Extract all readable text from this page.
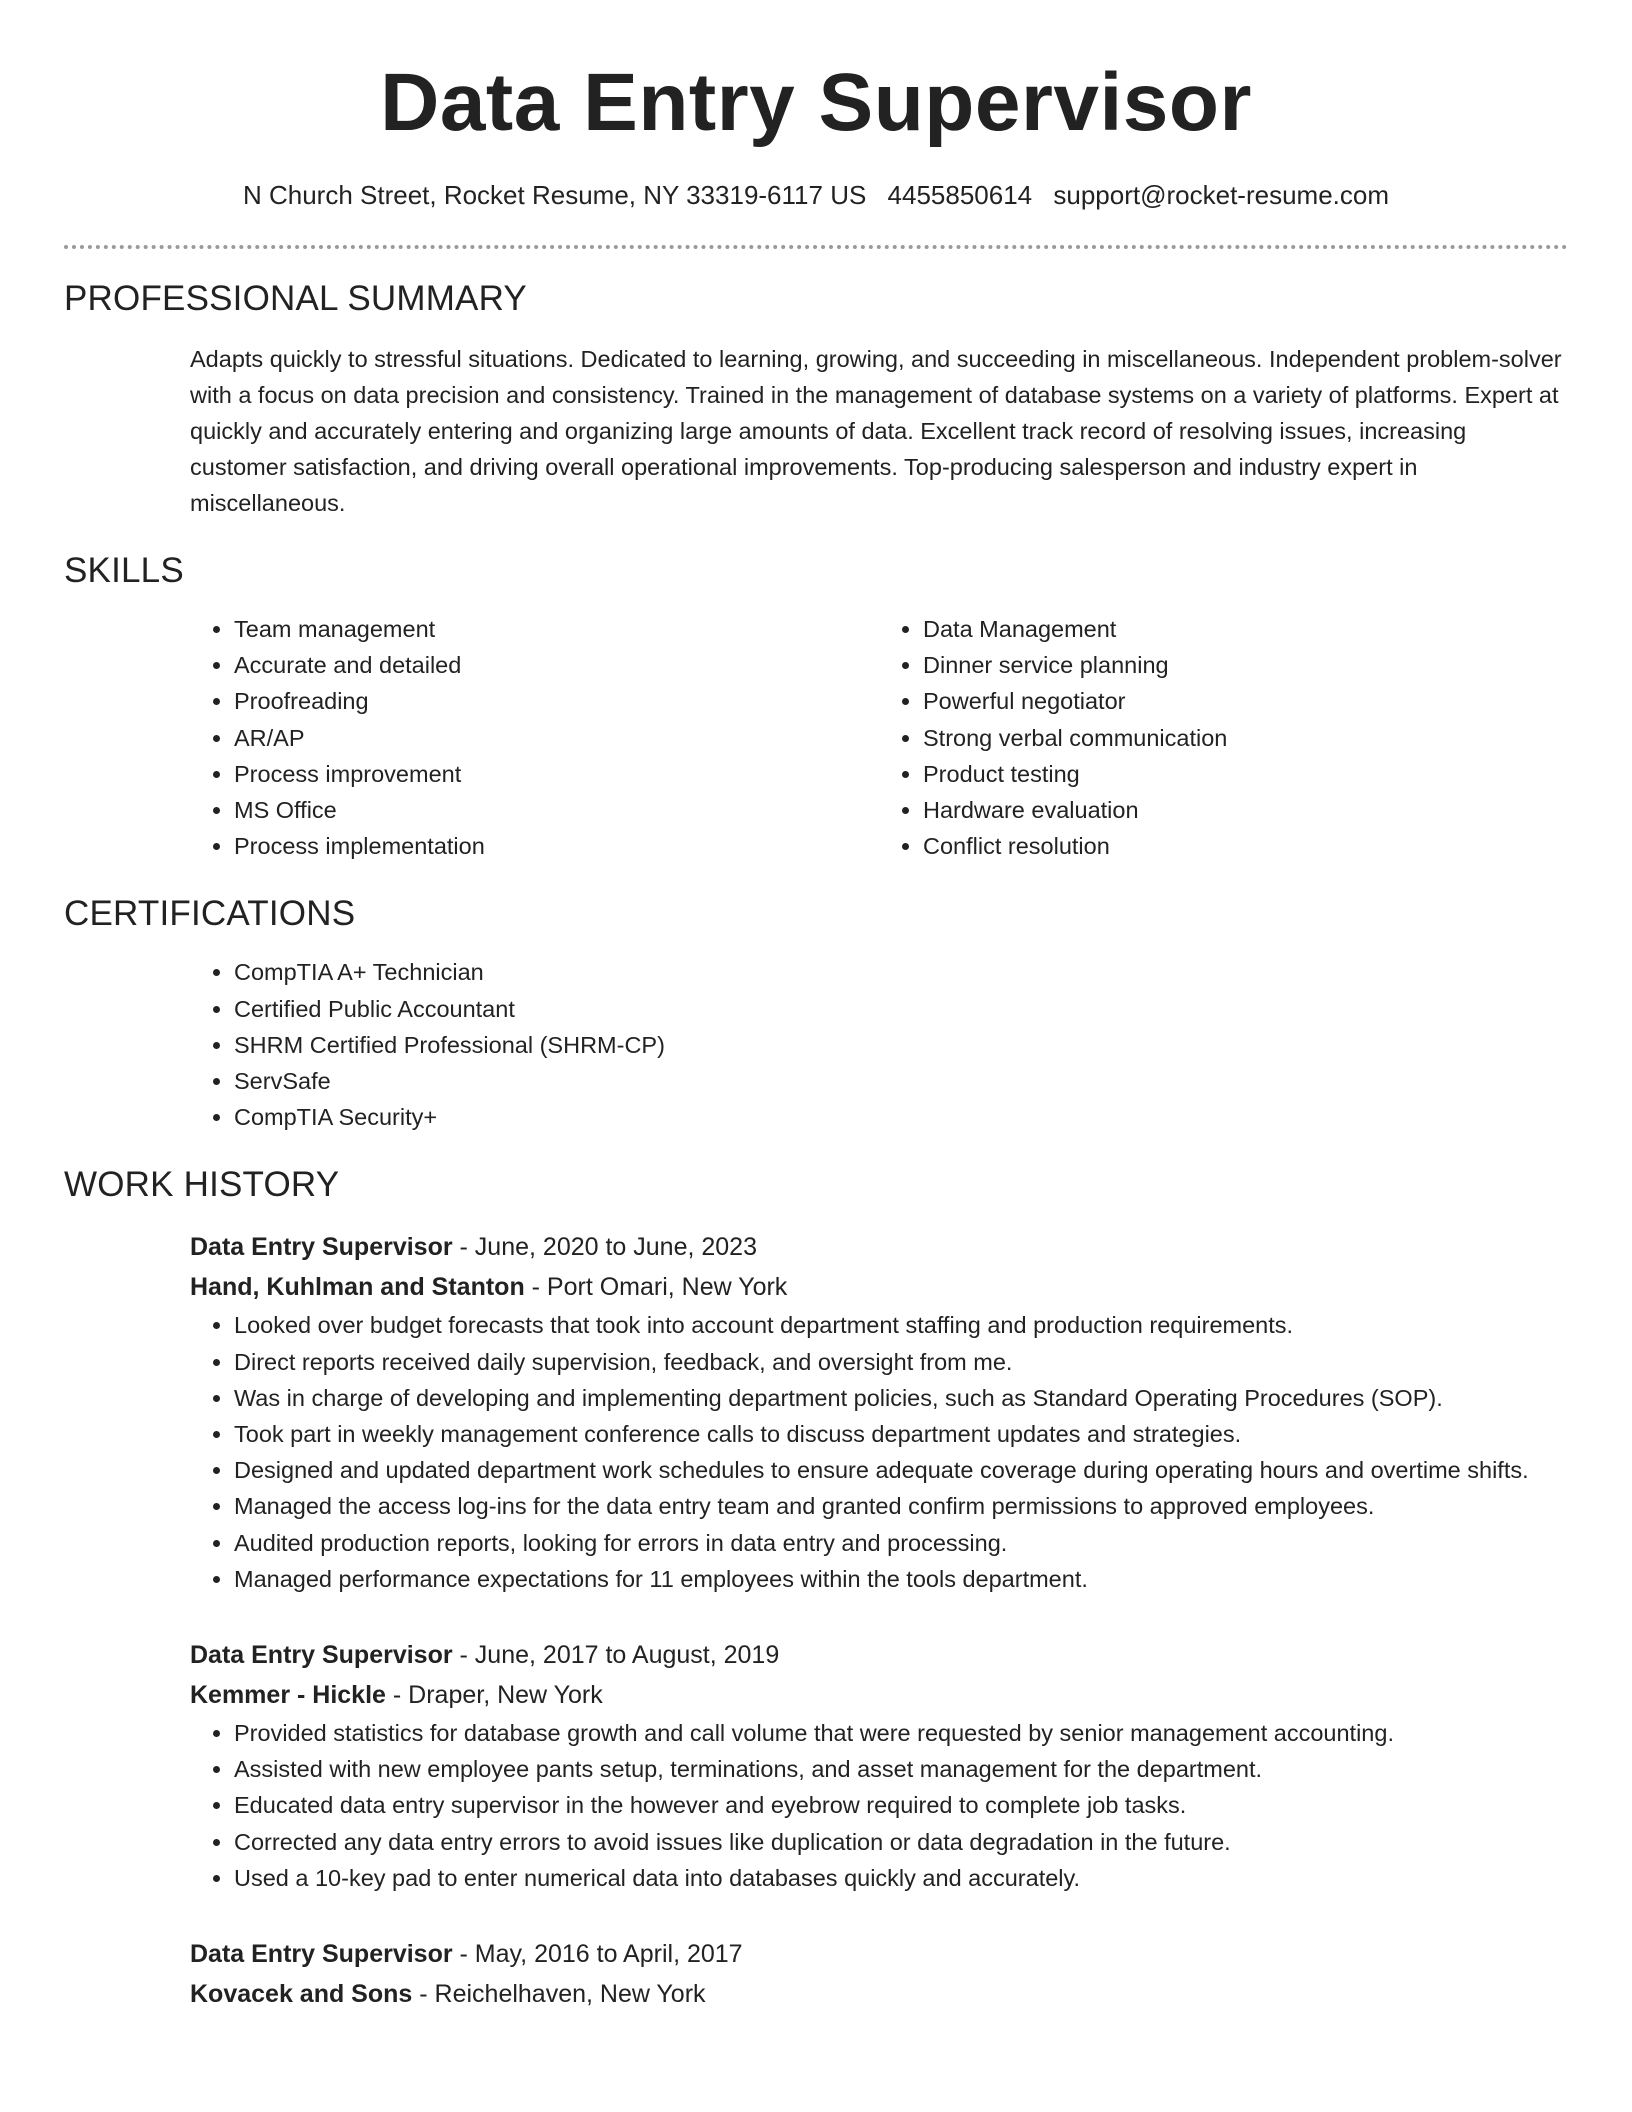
Data Entry Supervisor
N Church Street, Rocket Resume, NY 33319-6117 US 4455850614 support@rocket-resume.com
PROFESSIONAL SUMMARY
Adapts quickly to stressful situations. Dedicated to learning, growing, and succeeding in miscellaneous. Independent problem-solver with a focus on data precision and consistency. Trained in the management of database systems on a variety of platforms. Expert at quickly and accurately entering and organizing large amounts of data. Excellent track record of resolving issues, increasing customer satisfaction, and driving overall operational improvements. Top-producing salesperson and industry expert in miscellaneous.
SKILLS
• Team management
• Accurate and detailed
• Proofreading
• AR/AP
• Process improvement
• MS Office
• Process implementation
• Data Management
• Dinner service planning
• Powerful negotiator
• Strong verbal communication
• Product testing
• Hardware evaluation
• Conflict resolution
CERTIFICATIONS
• CompTIA A+ Technician
• Certified Public Accountant
• SHRM Certified Professional (SHRM-CP)
• ServSafe
• CompTIA Security+
WORK HISTORY
Data Entry Supervisor - June, 2020 to June, 2023
Hand, Kuhlman and Stanton - Port Omari, New York
• Looked over budget forecasts that took into account department staffing and production requirements.
• Direct reports received daily supervision, feedback, and oversight from me.
• Was in charge of developing and implementing department policies, such as Standard Operating Procedures (SOP).
• Took part in weekly management conference calls to discuss department updates and strategies.
• Designed and updated department work schedules to ensure adequate coverage during operating hours and overtime shifts.
• Managed the access log-ins for the data entry team and granted confirm permissions to approved employees.
• Audited production reports, looking for errors in data entry and processing.
• Managed performance expectations for 11 employees within the tools department.
Data Entry Supervisor - June, 2017 to August, 2019
Kemmer - Hickle - Draper, New York
• Provided statistics for database growth and call volume that were requested by senior management accounting.
• Assisted with new employee pants setup, terminations, and asset management for the department.
• Educated data entry supervisor in the however and eyebrow required to complete job tasks.
• Corrected any data entry errors to avoid issues like duplication or data degradation in the future.
• Used a 10-key pad to enter numerical data into databases quickly and accurately.
Data Entry Supervisor - May, 2016 to April, 2017
Kovacek and Sons - Reichelhaven, New York
